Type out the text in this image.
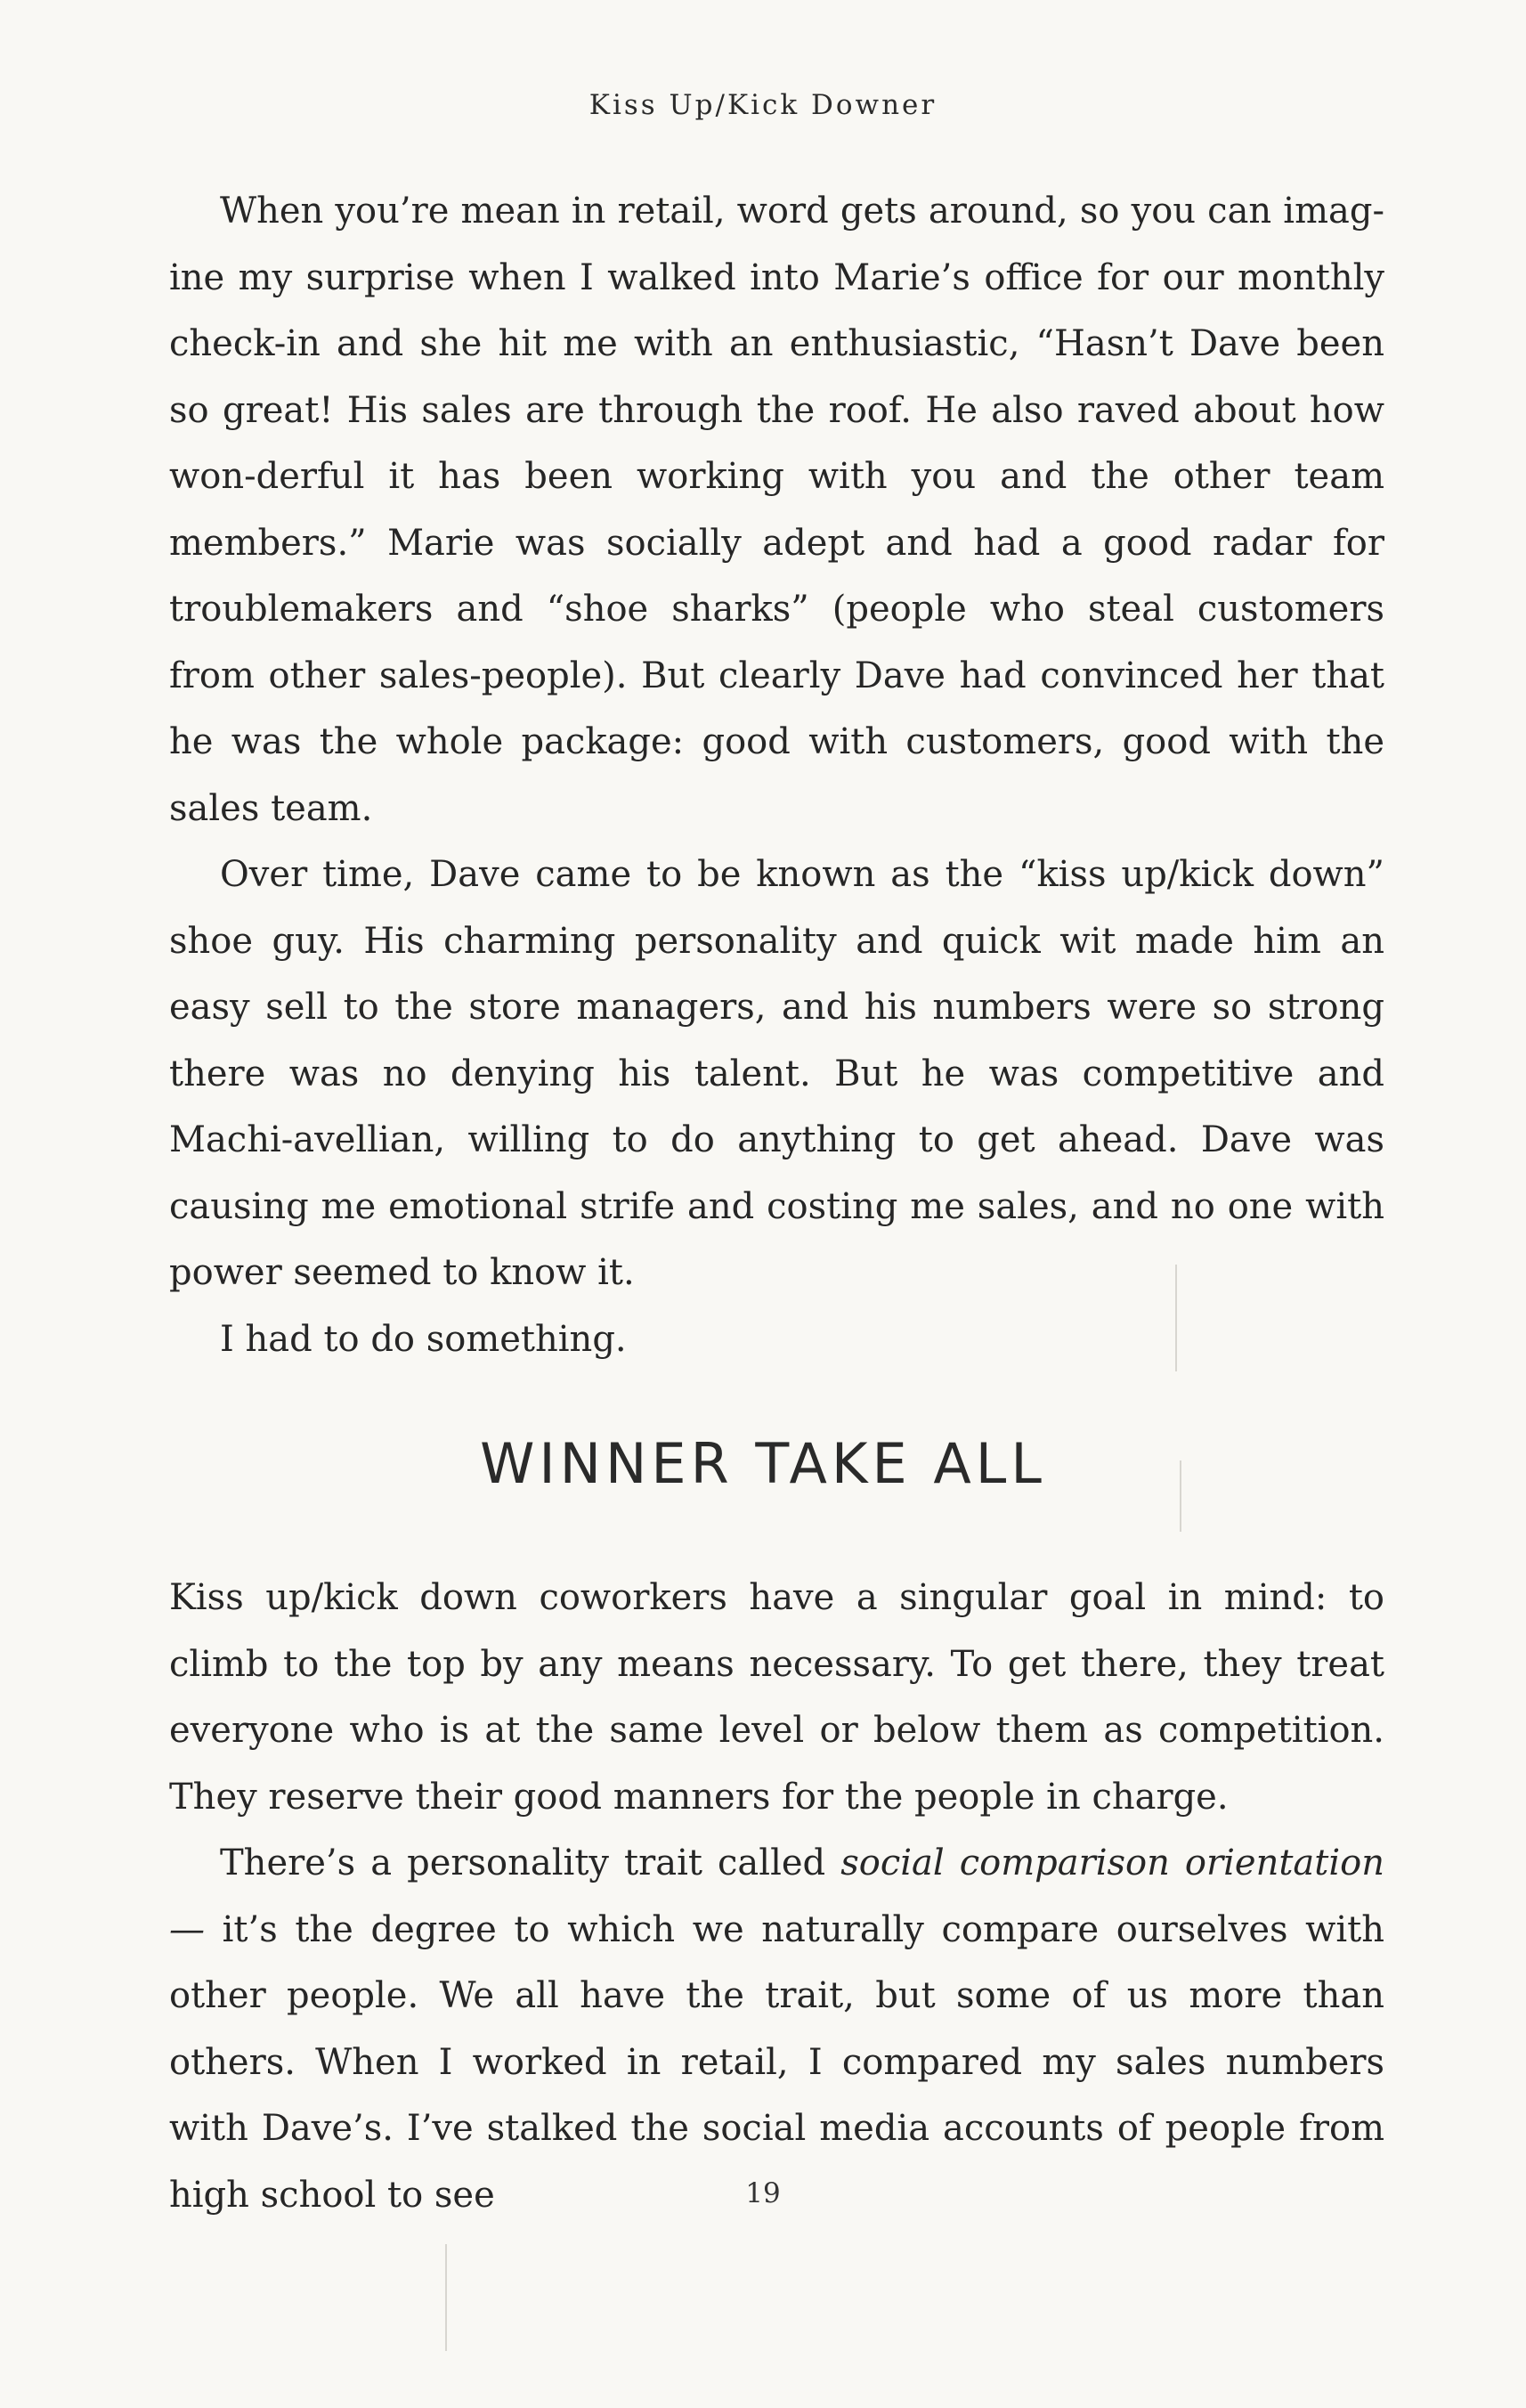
Kiss Up/Kick Downer

When you’re mean in retail, word gets around, so you can imag-ine my surprise when I walked into Marie’s office for our monthly check-in and she hit me with an enthusiastic, “Hasn’t Dave been so great! His sales are through the roof. He also raved about how won-derful it has been working with you and the other team members.” Marie was socially adept and had a good radar for troublemakers and “shoe sharks” (people who steal customers from other sales-people). But clearly Dave had convinced her that he was the whole package: good with customers, good with the sales team.

Over time, Dave came to be known as the “kiss up/kick down” shoe guy. His charming personality and quick wit made him an easy sell to the store managers, and his numbers were so strong there was no denying his talent. But he was competitive and Machi-avellian, willing to do anything to get ahead. Dave was causing me emotional strife and costing me sales, and no one with power seemed to know it.

I had to do something.

WINNER TAKE ALL

Kiss up/kick down coworkers have a singular goal in mind: to climb to the top by any means necessary. To get there, they treat everyone who is at the same level or below them as competition. They reserve their good manners for the people in charge.

There’s a personality trait called social comparison orientation— it’s the degree to which we naturally compare ourselves with other people. We all have the trait, but some of us more than others. When I worked in retail, I compared my sales numbers with Dave’s. I’ve stalked the social media accounts of people from high school to see	19
